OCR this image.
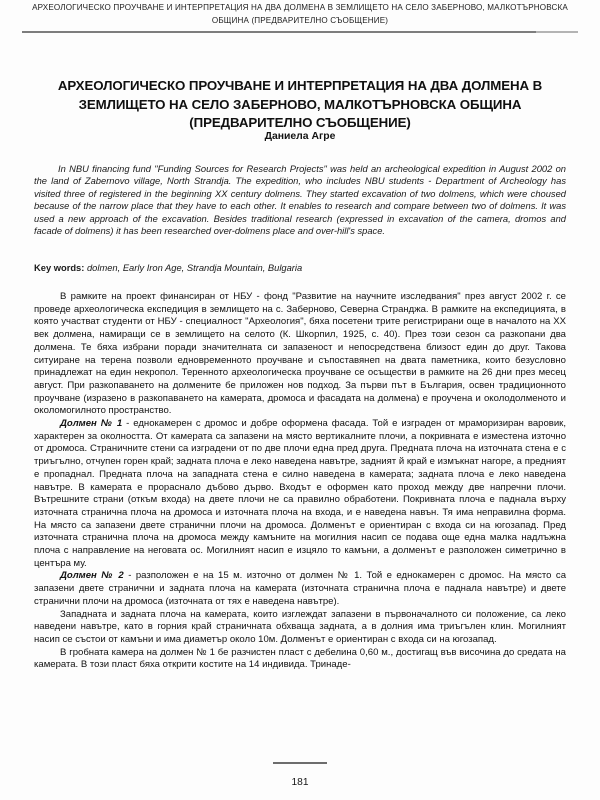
АРХЕОЛОГИЧЕСКО ПРОУЧВАНЕ И ИНТЕРПРЕТАЦИЯ НА ДВА ДОЛМЕНА В ЗЕМЛИЩЕТО НА СЕЛО ЗАБЕРНОВО, МАЛКОТЪРНОВСКА ОБЩИНА (ПРЕДВАРИТЕЛНО СЪОБЩЕНИЕ)
АРХЕОЛОГИЧЕСКО ПРОУЧВАНЕ И ИНТЕРПРЕТАЦИЯ НА ДВА ДОЛМЕНА В ЗЕМЛИЩЕТО НА СЕЛО ЗАБЕРНОВО, МАЛКОТЪРНОВСКА ОБЩИНА (ПРЕДВАРИТЕЛНО СЪОБЩЕНИЕ)
Даниела Агре
In NBU financing fund "Funding Sources for Research Projects" was held an archeological expedition in August 2002 on the land of Zabernovo village, North Strandja. The expedition, who includes NBU students - Department of Archeology has visited three of registered in the beginning XX century dolmens. They started excavation of two dolmens, which were choused because of the narrow place that they have to each other. It enables to research and compare between two of dolmens. It was used a new approach of the excavation. Besides traditional research (expressed in excavation of the camera, dromos and facade of dolmens) it has been researched over-dolmens place and over-hill's space.
Key words: dolmen, Early Iron Age, Strandja Mountain, Bulgaria

В рамките на проект финансиран от НБУ - фонд "Развитие на научните изследвания" през август 2002 г. се проведе археологическа експедиция в землището на с. Заберново, Северна Странджа. В рамките на експедицията, в която участват студенти от НБУ - специалност "Археология", бяха посетени трите регистрирани още в началото на XX век долмена, намиращи се в землището на селото (К. Шкорпил, 1925, с. 40). През този сезон са разкопани два долмена. Те бяха избрани поради значителната си запазеност и непосредствена близост един до друг. Такова ситуиране на терена позволи едновременното проучване и съпоставянеп на двата паметника, които безусловно принадлежат на един некропол. Теренното археологическа проучване се осъществи в рамките на 26 дни през месец август. При разкопаването на долмените бе приложен нов подход. За първи път в България, освен традиционното проучване (изразено в разкопаването на камерата, дромоса и фасадата на долмена) е проучена и околодолменото и околомогилното пространство.

Долмен № 1 - еднокамерен с дромос и добре оформена фасада. Той е изграден от мраморизиран варовик, характерен за околността. От камерата са запазени на място вертикалните плочи, а покривната е изместена източно от дромоса. Страничните стени са изградени от по две плочи една пред друга. Предната плоча на източната стена е с триъгълно, отчупен горен край; задната плоча е леко наведена навътре, задният й край е измъкнат нагоре, а предният е пропаднал. Предната плоча на западната стена е силно наведена в камерата; задната плоча е леко наведена навътре. В камерата е прораснало дъбово дърво. Входът е оформен като проход между две напречни плочи. Вътрешните страни (откъм входа) на двете плочи не са правилно обработени. Покривната плоча е паднала върху източната странична плоча на дромоса и източната плоча на входа, и е наведена навън. Тя има неправилна форма. На място са запазени двете странични плочи на дромоса. Долменът е ориентиран с входа си на югозапад. Пред източната странична плоча на дромоса между камъните на могилния насип се подава още една малка надлъжна плоча с направление на неговата ос. Могилният насип е изцяло то камъни, а долменът е разположен симетрично в центъра му.

Долмен № 2 - разположен е на 15 м. източно от долмен № 1. Той е еднокамерен с дромос. На място са запазени двете странични и задната плоча на камерата (източната странична плоча е паднала навътре) и двете странични плочи на дромоса (източната от тях е наведена навътре).

Западната и задната плоча на камерата, които изглеждат запазени в първоначалното си положение, са леко наведени навътре, като в горния край страничната обхваща задната, а в долния има триъгълен клин. Могилният насип се състои от камъни и има диаметър около 10м. Долменът е ориентиран с входа си на югозапад.

В гробната камера на долмен № 1 бе разчистен пласт с дебелина 0,60 м., достигащ във височина до средата на камерата. В този пласт бяха открити костите на 14 индивида. Тринаде-

181
